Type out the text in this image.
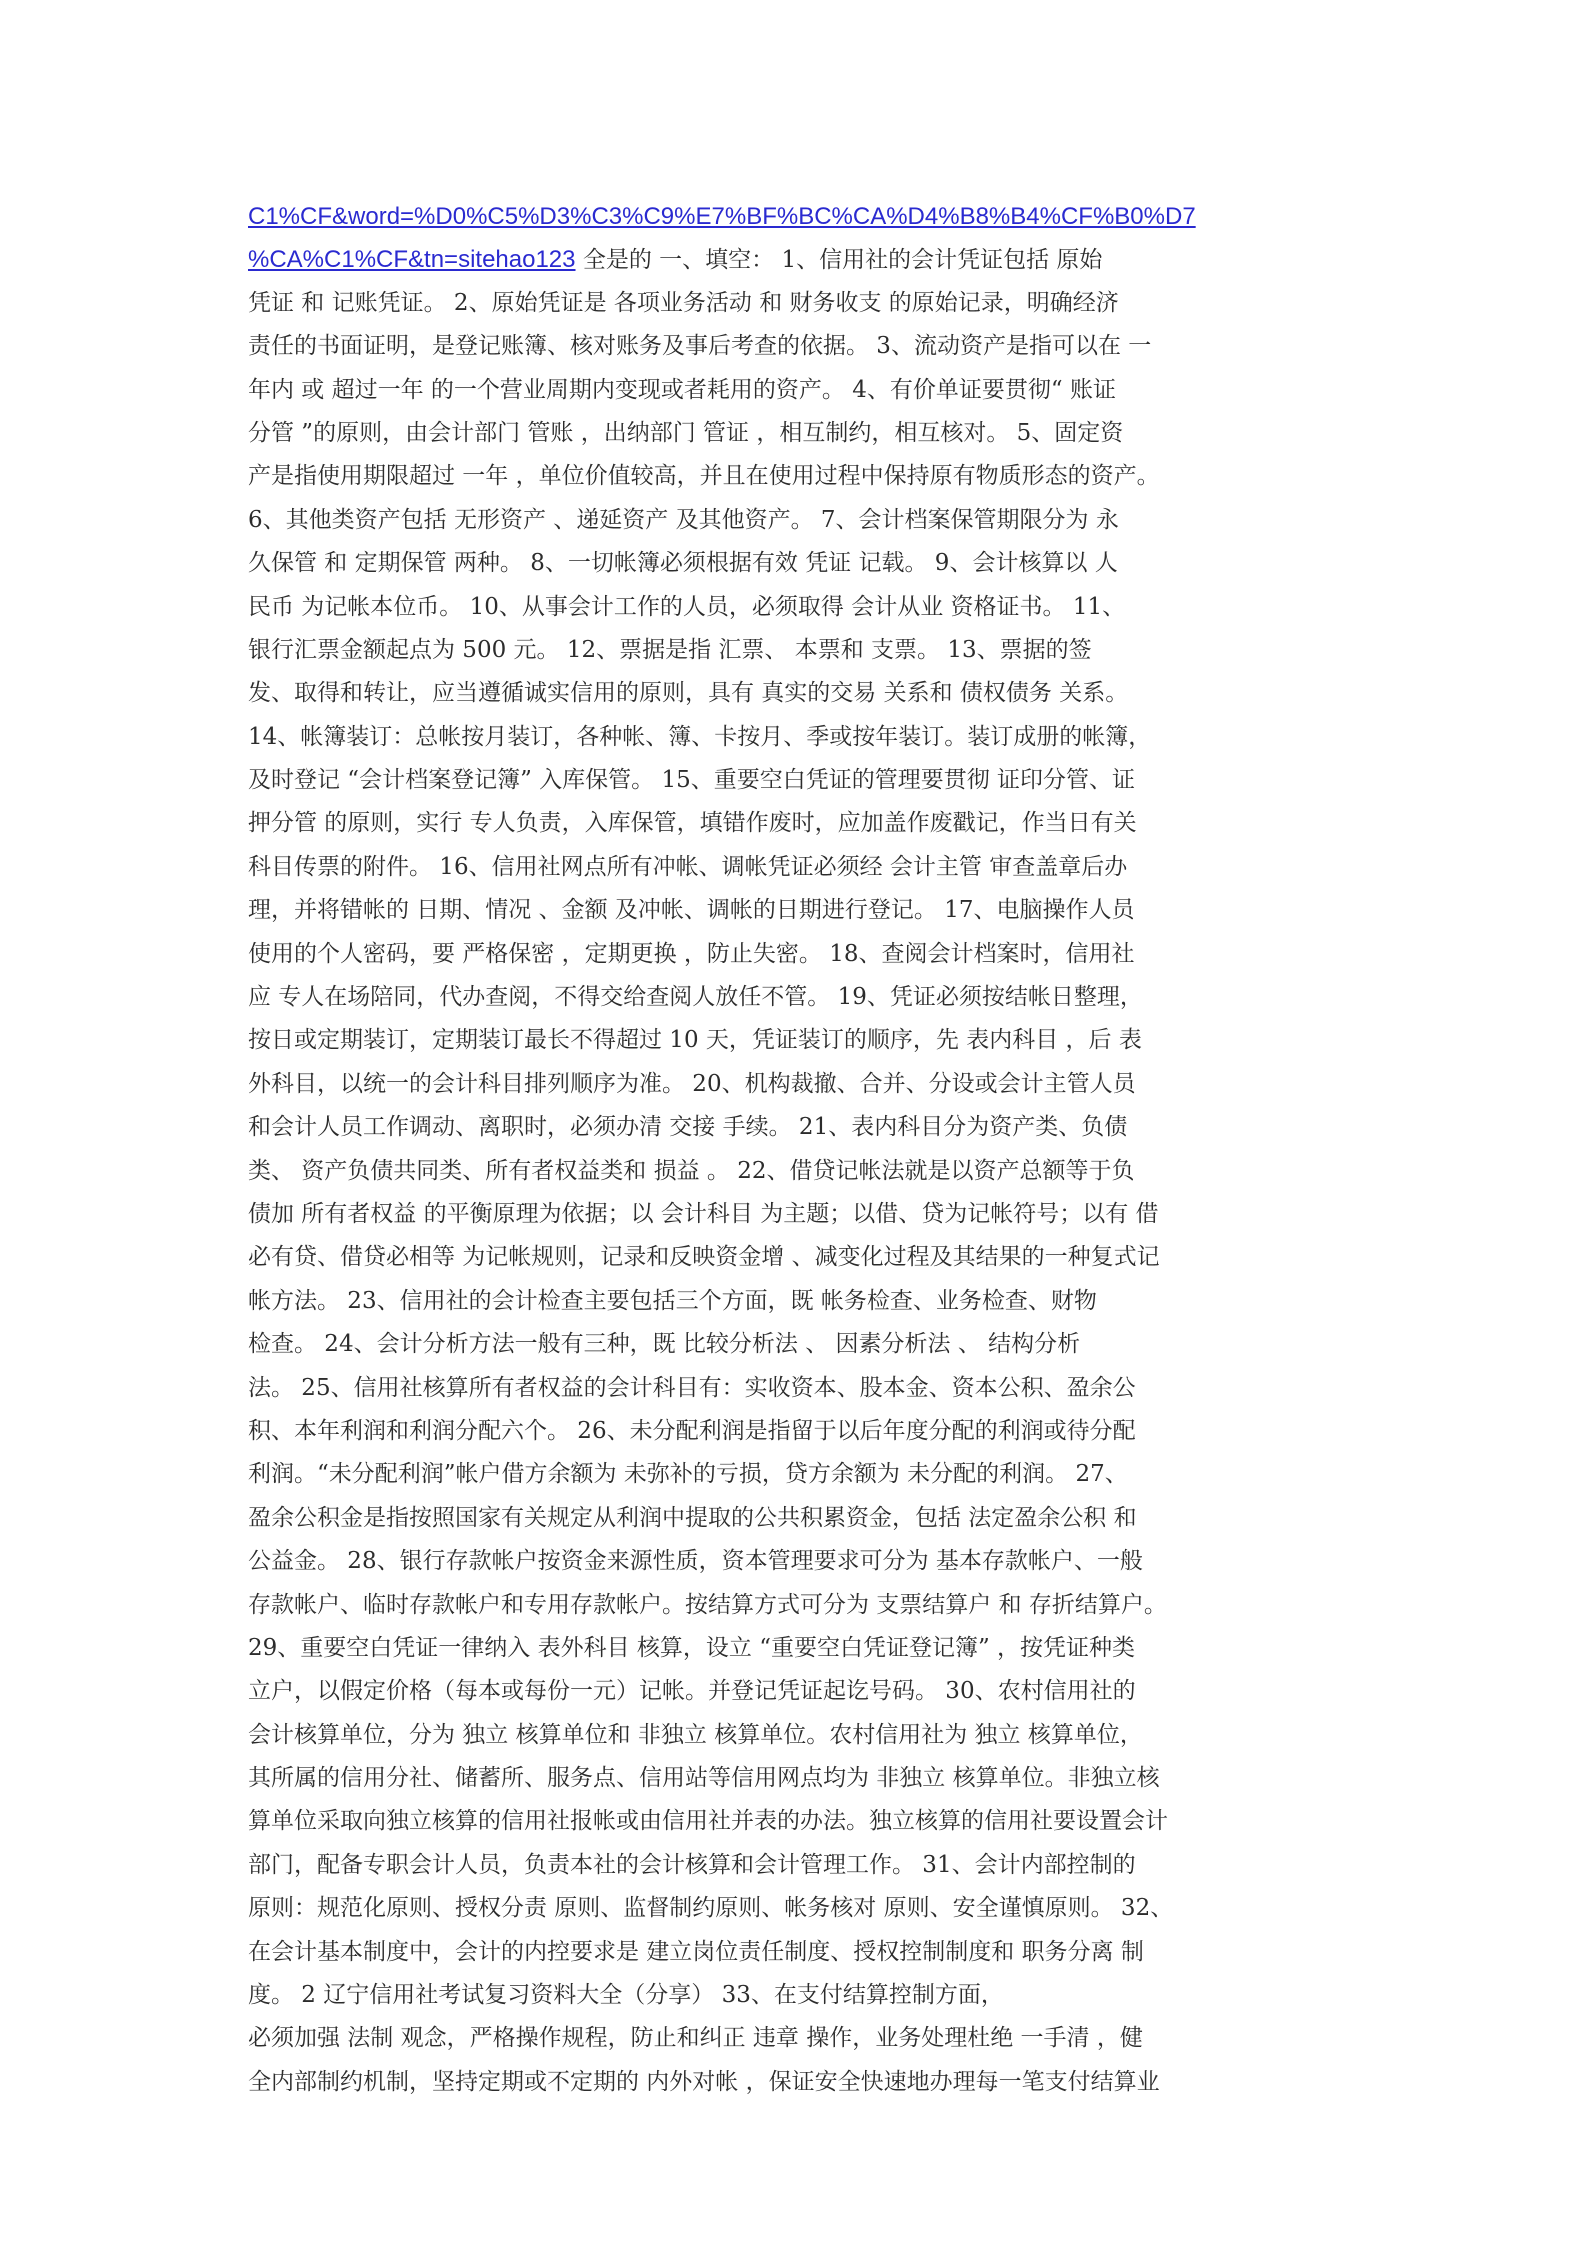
C1%CF&word=%D0%C5%D3%C3%C9%E7%BF%BC%CA%D4%B8%B4%CF%B0%D7
%CA%C1%CF&tn=sitehao123 全是的 一、填空： 1、信用社的会计凭证包括 原始
凭证 和 记账凭证。 2、原始凭证是 各项业务活动 和 财务收支 的原始记录，明确经济
责任的书面证明，是登记账簿、核对账务及事后考查的依据。 3、流动资产是指可以在 一
年内 或 超过一年 的一个营业周期内变现或者耗用的资产。 4、有价单证要贯彻“ 账证
分管 ”的原则，由会计部门 管账 ，出纳部门 管证 ，相互制约，相互核对。 5、固定资
产是指使用期限超过 一年 ，单位价值较高，并且在使用过程中保持原有物质形态的资产。
6、其他类资产包括 无形资产 、递延资产 及其他资产。 7、会计档案保管期限分为 永
久保管 和 定期保管 两种。 8、一切帐簿必须根据有效 凭证 记载。 9、会计核算以 人
民币 为记帐本位币。 10、从事会计工作的人员，必须取得 会计从业 资格证书。 11、
银行汇票金额起点为 500 元。 12、票据是指 汇票、 本票和 支票。 13、票据的签
发、取得和转让，应当遵循诚实信用的原则，具有 真实的交易 关系和 债权债务 关系。
14、帐簿装订：总帐按月装订，各种帐、簿、卡按月、季或按年装订。装订成册的帐簿，
及时登记 “会计档案登记簿” 入库保管。 15、重要空白凭证的管理要贯彻 证印分管、证
押分管 的原则，实行 专人负责，入库保管，填错作废时，应加盖作废戳记，作当日有关
科目传票的附件。 16、信用社网点所有冲帐、调帐凭证必须经 会计主管 审查盖章后办
理，并将错帐的 日期、情况 、金额 及冲帐、调帐的日期进行登记。 17、电脑操作人员
使用的个人密码，要 严格保密 ，定期更换 ，防止失密。 18、查阅会计档案时，信用社
应 专人在场陪同，代办查阅，不得交给查阅人放任不管。 19、凭证必须按结帐日整理，
按日或定期装订，定期装订最长不得超过 10 天，凭证装订的顺序，先 表内科目 ，后 表
外科目，以统一的会计科目排列顺序为准。 20、机构裁撤、合并、分设或会计主管人员
和会计人员工作调动、离职时，必须办清 交接 手续。 21、表内科目分为资产类、负债
类、 资产负债共同类、所有者权益类和 损益 。 22、借贷记帐法就是以资产总额等于负
债加 所有者权益 的平衡原理为依据；以 会计科目 为主题；以借、贷为记帐符号；以有 借
必有贷、借贷必相等 为记帐规则，记录和反映资金增 、减变化过程及其结果的一种复式记
帐方法。 23、信用社的会计检查主要包括三个方面，既 帐务检查、业务检查、财物
检查。 24、会计分析方法一般有三种，既 比较分析法 、 因素分析法 、 结构分析
法。 25、信用社核算所有者权益的会计科目有：实收资本、股本金、资本公积、盈余公
积、本年利润和利润分配六个。 26、未分配利润是指留于以后年度分配的利润或待分配
利润。“未分配利润”帐户借方余额为 未弥补的亏损，贷方余额为 未分配的利润。 27、
盈余公积金是指按照国家有关规定从利润中提取的公共积累资金，包括 法定盈余公积 和
公益金。 28、银行存款帐户按资金来源性质，资本管理要求可分为 基本存款帐户、一般
存款帐户、临时存款帐户和专用存款帐户。按结算方式可分为 支票结算户 和 存折结算户。
29、重要空白凭证一律纳入 表外科目 核算，设立 “重要空白凭证登记簿” ，按凭证种类
立户，以假定价格（每本或每份一元）记帐。并登记凭证起讫号码。 30、农村信用社的
会计核算单位，分为 独立 核算单位和 非独立 核算单位。农村信用社为 独立 核算单位，
其所属的信用分社、储蓄所、服务点、信用站等信用网点均为 非独立 核算单位。非独立核
算单位采取向独立核算的信用社报帐或由信用社并表的办法。独立核算的信用社要设置会计
部门，配备专职会计人员，负责本社的会计核算和会计管理工作。 31、会计内部控制的
原则：规范化原则、授权分责 原则、监督制约原则、帐务核对 原则、安全谨慎原则。 32、
在会计基本制度中，会计的内控要求是 建立岗位责任制度、授权控制制度和 职务分离 制
度。 2 辽宁信用社考试复习资料大全（分享） 33、在支付结算控制方面，
必须加强 法制 观念，严格操作规程，防止和纠正 违章 操作，业务处理杜绝 一手清 ，健
全内部制约机制，坚持定期或不定期的 内外对帐 ，保证安全快速地办理每一笔支付结算业
